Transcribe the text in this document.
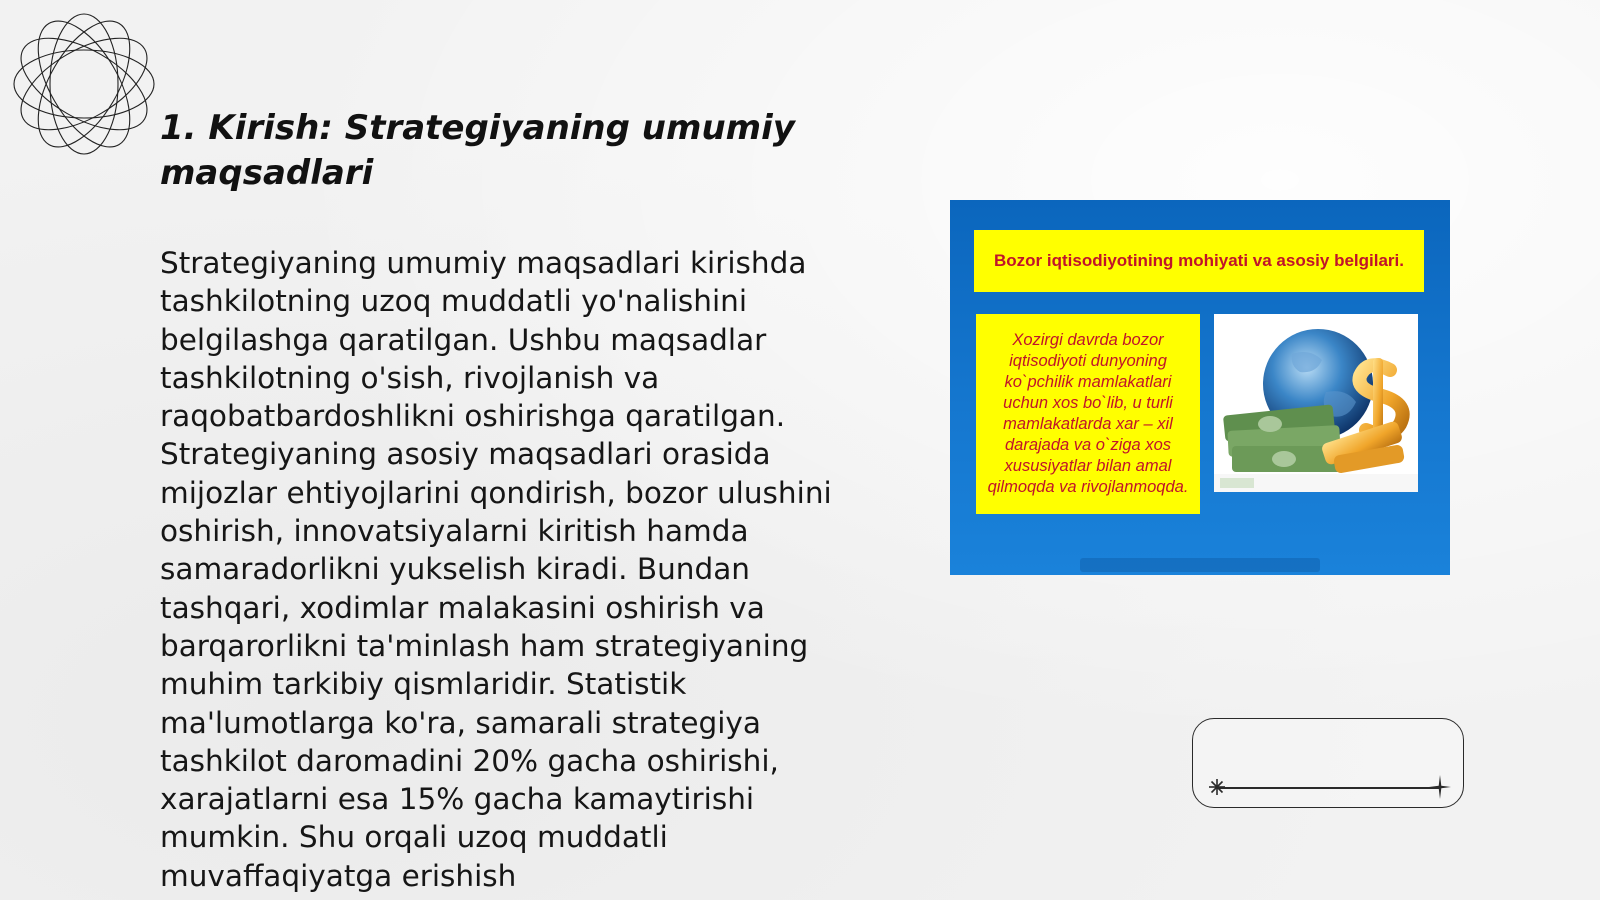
1. Kirish: Strategiyaning umumiy maqsadlari

Strategiyaning umumiy maqsadlari kirishda tashkilotning uzoq muddatli yo'nalishini belgilashga qaratilgan. Ushbu maqsadlar tashkilotning o'sish, rivojlanish va raqobatbardoshlikni oshirishga qaratilgan. Strategiyaning asosiy maqsadlari orasida mijozlar ehtiyojlarini qondirish, bozor ulushini oshirish, innovatsiyalarni kiritish hamda samaradorlikni yukselish kiradi. Bundan tashqari, xodimlar malakasini oshirish va barqarorlikni ta'minlash ham strategiyaning muhim tarkibiy qismlaridir. Statistik ma'lumotlarga ko'ra, samarali strategiya tashkilot daromadini 20% gacha oshirishi, xarajatlarni esa 15% gacha kamaytirishi mumkin. Shu orqali uzoq muddatli muvaffaqiyatga erishish

Bozor iqtisodiyotining mohiyati va asosiy belgilari.
Xozirgi davrda bozor iqtisodiyoti dunyoning ko`pchilik mamlakatlari uchun xos bo`lib, u turli mamlakatlarda xar – xil darajada va o`ziga xos xususiyatlar bilan amal qilmoqda va rivojlanmoqda.
